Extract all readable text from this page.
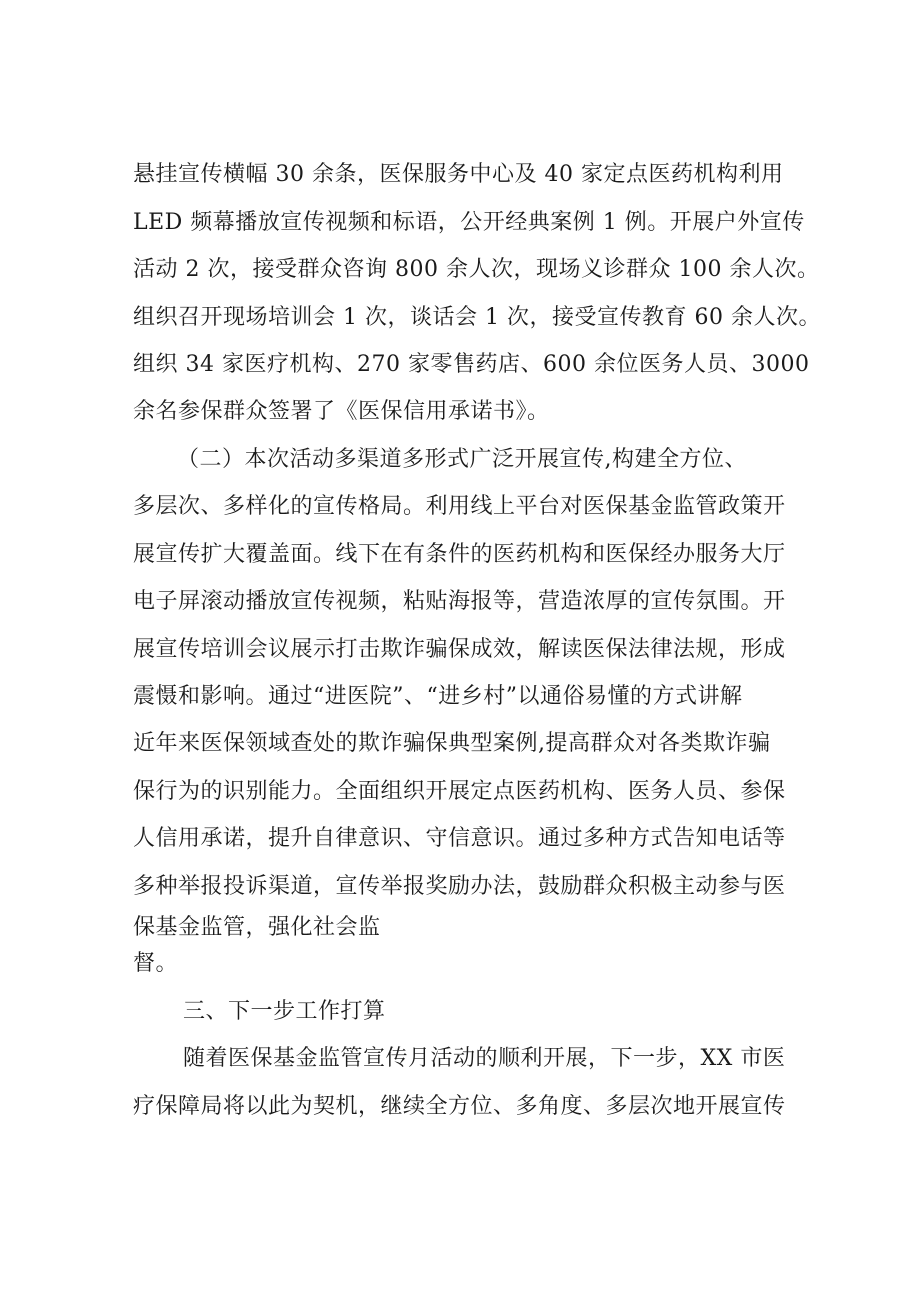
悬挂宣传横幅 30 余条，医保服务中心及 40 家定点医药机构利用
LED 频幕播放宣传视频和标语，公开经典案例 1 例。开展户外宣传
活动 2 次，接受群众咨询 800 余人次，现场义诊群众 100 余人次。
组织召开现场培训会 1 次，谈话会 1 次，接受宣传教育 60 余人次。
组织 34 家医疗机构、270 家零售药店、600 余位医务人员、3000
余名参保群众签署了《医保信用承诺书》。
（二）本次活动多渠道多形式广泛开展宣传,构建全方位、
多层次、多样化的宣传格局。利用线上平台对医保基金监管政策开
展宣传扩大覆盖面。线下在有条件的医药机构和医保经办服务大厅
电子屏滚动播放宣传视频，粘贴海报等，营造浓厚的宣传氛围。开
展宣传培训会议展示打击欺诈骗保成效，解读医保法律法规，形成
震慑和影响。通过“进医院”、“进乡村”以通俗易懂的方式讲解
近年来医保领域查处的欺诈骗保典型案例,提高群众对各类欺诈骗
保行为的识别能力。全面组织开展定点医药机构、医务人员、参保
人信用承诺，提升自律意识、守信意识。通过多种方式告知电话等
多种举报投诉渠道，宣传举报奖励办法，鼓励群众积极主动参与医
保基金监管，强化社会监
督。
三、下一步工作打算
随着医保基金监管宣传月活动的顺利开展，下一步，XX 市医
疗保障局将以此为契机，继续全方位、多角度、多层次地开展宣传
